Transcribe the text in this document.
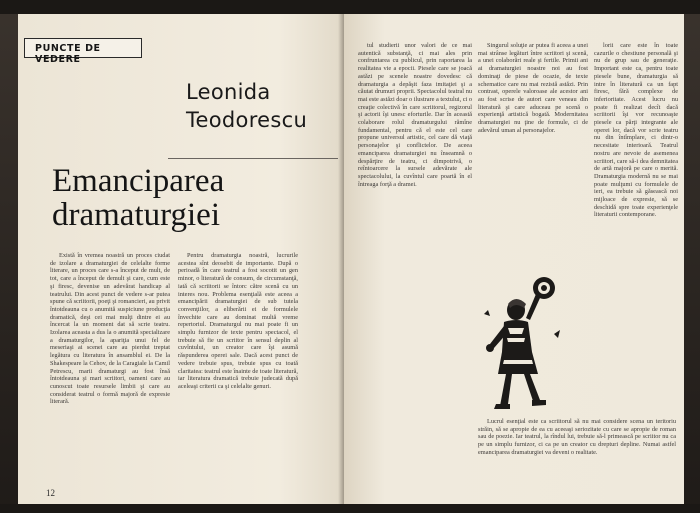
PUNCTE DE VEDERE
Leonida
Teodorescu
Emanciparea
dramaturgiei

Există în vremea noastră un proces ciudat de izolare a dramaturgiei de celelalte forme literare, un proces care s-a început de mult, de tot, care a început de demult şi care, cum este şi firesc, devenise un adevărat handicap al teatrului. Din acest punct de vedere s-ar putea spune că scriitorii, poeţi şi romancieri, au privit întotdeauna cu o anumită suspiciune producţia dramatică, deşi cei mai mulţi dintre ei au încercat la un moment dat să scrie teatru. Izolarea aceasta a dus la o anumită specializare a dramaturgilor, la apariţia unui fel de meseriaşi ai scenei care au pierdut treptat legătura cu literatura în ansamblul ei. De la Shakespeare la Cehov, de la Caragiale la Camil Petrescu, marii dramaturgi au fost însă întotdeauna şi mari scriitori, oameni care au cunoscut toate resursele limbii şi care au considerat teatrul o formă majoră de expresie literară.

Pentru dramaturgia noastră, lucrurile acestea sînt deosebit de importante. După o perioadă în care teatrul a fost socotit un gen minor, o literatură de consum, de circumstanţă, iată că scriitorii se întorc către scenă cu un interes nou. Problema esenţială este aceea a emancipării dramaturgiei de sub tutela convenţiilor, a eliberării ei de formulele învechite care au dominat multă vreme repertoriul. Dramaturgul nu mai poate fi un simplu furnizor de texte pentru spectacol, el trebuie să fie un scriitor în sensul deplin al cuvîntului, un creator care îşi asumă răspunderea operei sale. Dacă acest punct de vedere trebuie spus, trebuie spus cu toată claritatea: teatrul este înainte de toate literatură, iar literatura dramatică trebuie judecată după aceleaşi criterii ca şi celelalte genuri.

12

tul studierii unor valori de ce mai autentică substanţă, ci mai ales prin confruntarea cu publicul, prin raportarea la realitatea vie a epocii. Piesele care se joacă astăzi pe scenele noastre dovedesc că dramaturgia a depăşit faza imitaţiei şi a căutat drumuri proprii. Spectacolul teatral nu mai este astăzi doar o ilustrare a textului, ci o creaţie colectivă în care scriitorul, regizorul şi actorii îşi unesc eforturile. Dar în această colaborare rolul dramaturgului rămîne fundamental, pentru că el este cel care propune universul artistic, cel care dă viaţă personajelor şi conflictelor. De aceea emanciparea dramaturgiei nu înseamnă o despărţire de teatru, ci dimpotrivă, o reîntoarcere la sursele adevărate ale spectacolului, la cuvîntul care poartă în el întreaga forţă a dramei.

Singurul soluţie ar putea fi aceea a unei mai strânse legături între scriitori şi scenă, a unei colaborări reale şi fertile. Primii ani ai dramaturgiei noastre noi au fost dominaţi de piese de ocazie, de texte schematice care nu mai rezistă astăzi. Prin contrast, operele valoroase ale acestor ani au fost scrise de autori care veneau din literatură şi care aduceau pe scenă o experienţă artistică bogată. Modernitatea dramaturgiei nu ţine de formule, ci de adevărul uman al personajelor.

Lucrul esenţial este ca scriitorul să nu mai considere scena un teritoriu străin, să se apropie de ea cu aceeaşi seriozitate cu care se apropie de roman sau de poezie. Iar teatrul, la rîndul lui, trebuie să-l primească pe scriitor nu ca pe un simplu furnizor, ci ca pe un creator cu drepturi depline. Numai astfel emanciparea dramaturgiei va deveni o realitate.

lorii care este în toate cazurile o chestiune personală şi nu de grup sau de generaţie. Important este ca, pentru toate piesele bune, dramaturgia să intre în literatură ca un fapt firesc, fără complexe de inferioritate. Acest lucru nu poate fi realizat decît dacă scriitorii îşi vor recunoaşte piesele ca părţi integrante ale operei lor, dacă vor scrie teatru nu din întîmplare, ci dintr-o necesitate interioară. Teatrul nostru are nevoie de asemenea scriitori, care să-i dea demnitatea de artă majoră pe care o merită. Dramaturgia modernă nu se mai poate mulţumi cu formulele de ieri, ea trebuie să găsească noi mijloace de expresie, să se deschidă spre toate experienţele literaturii contemporane.
